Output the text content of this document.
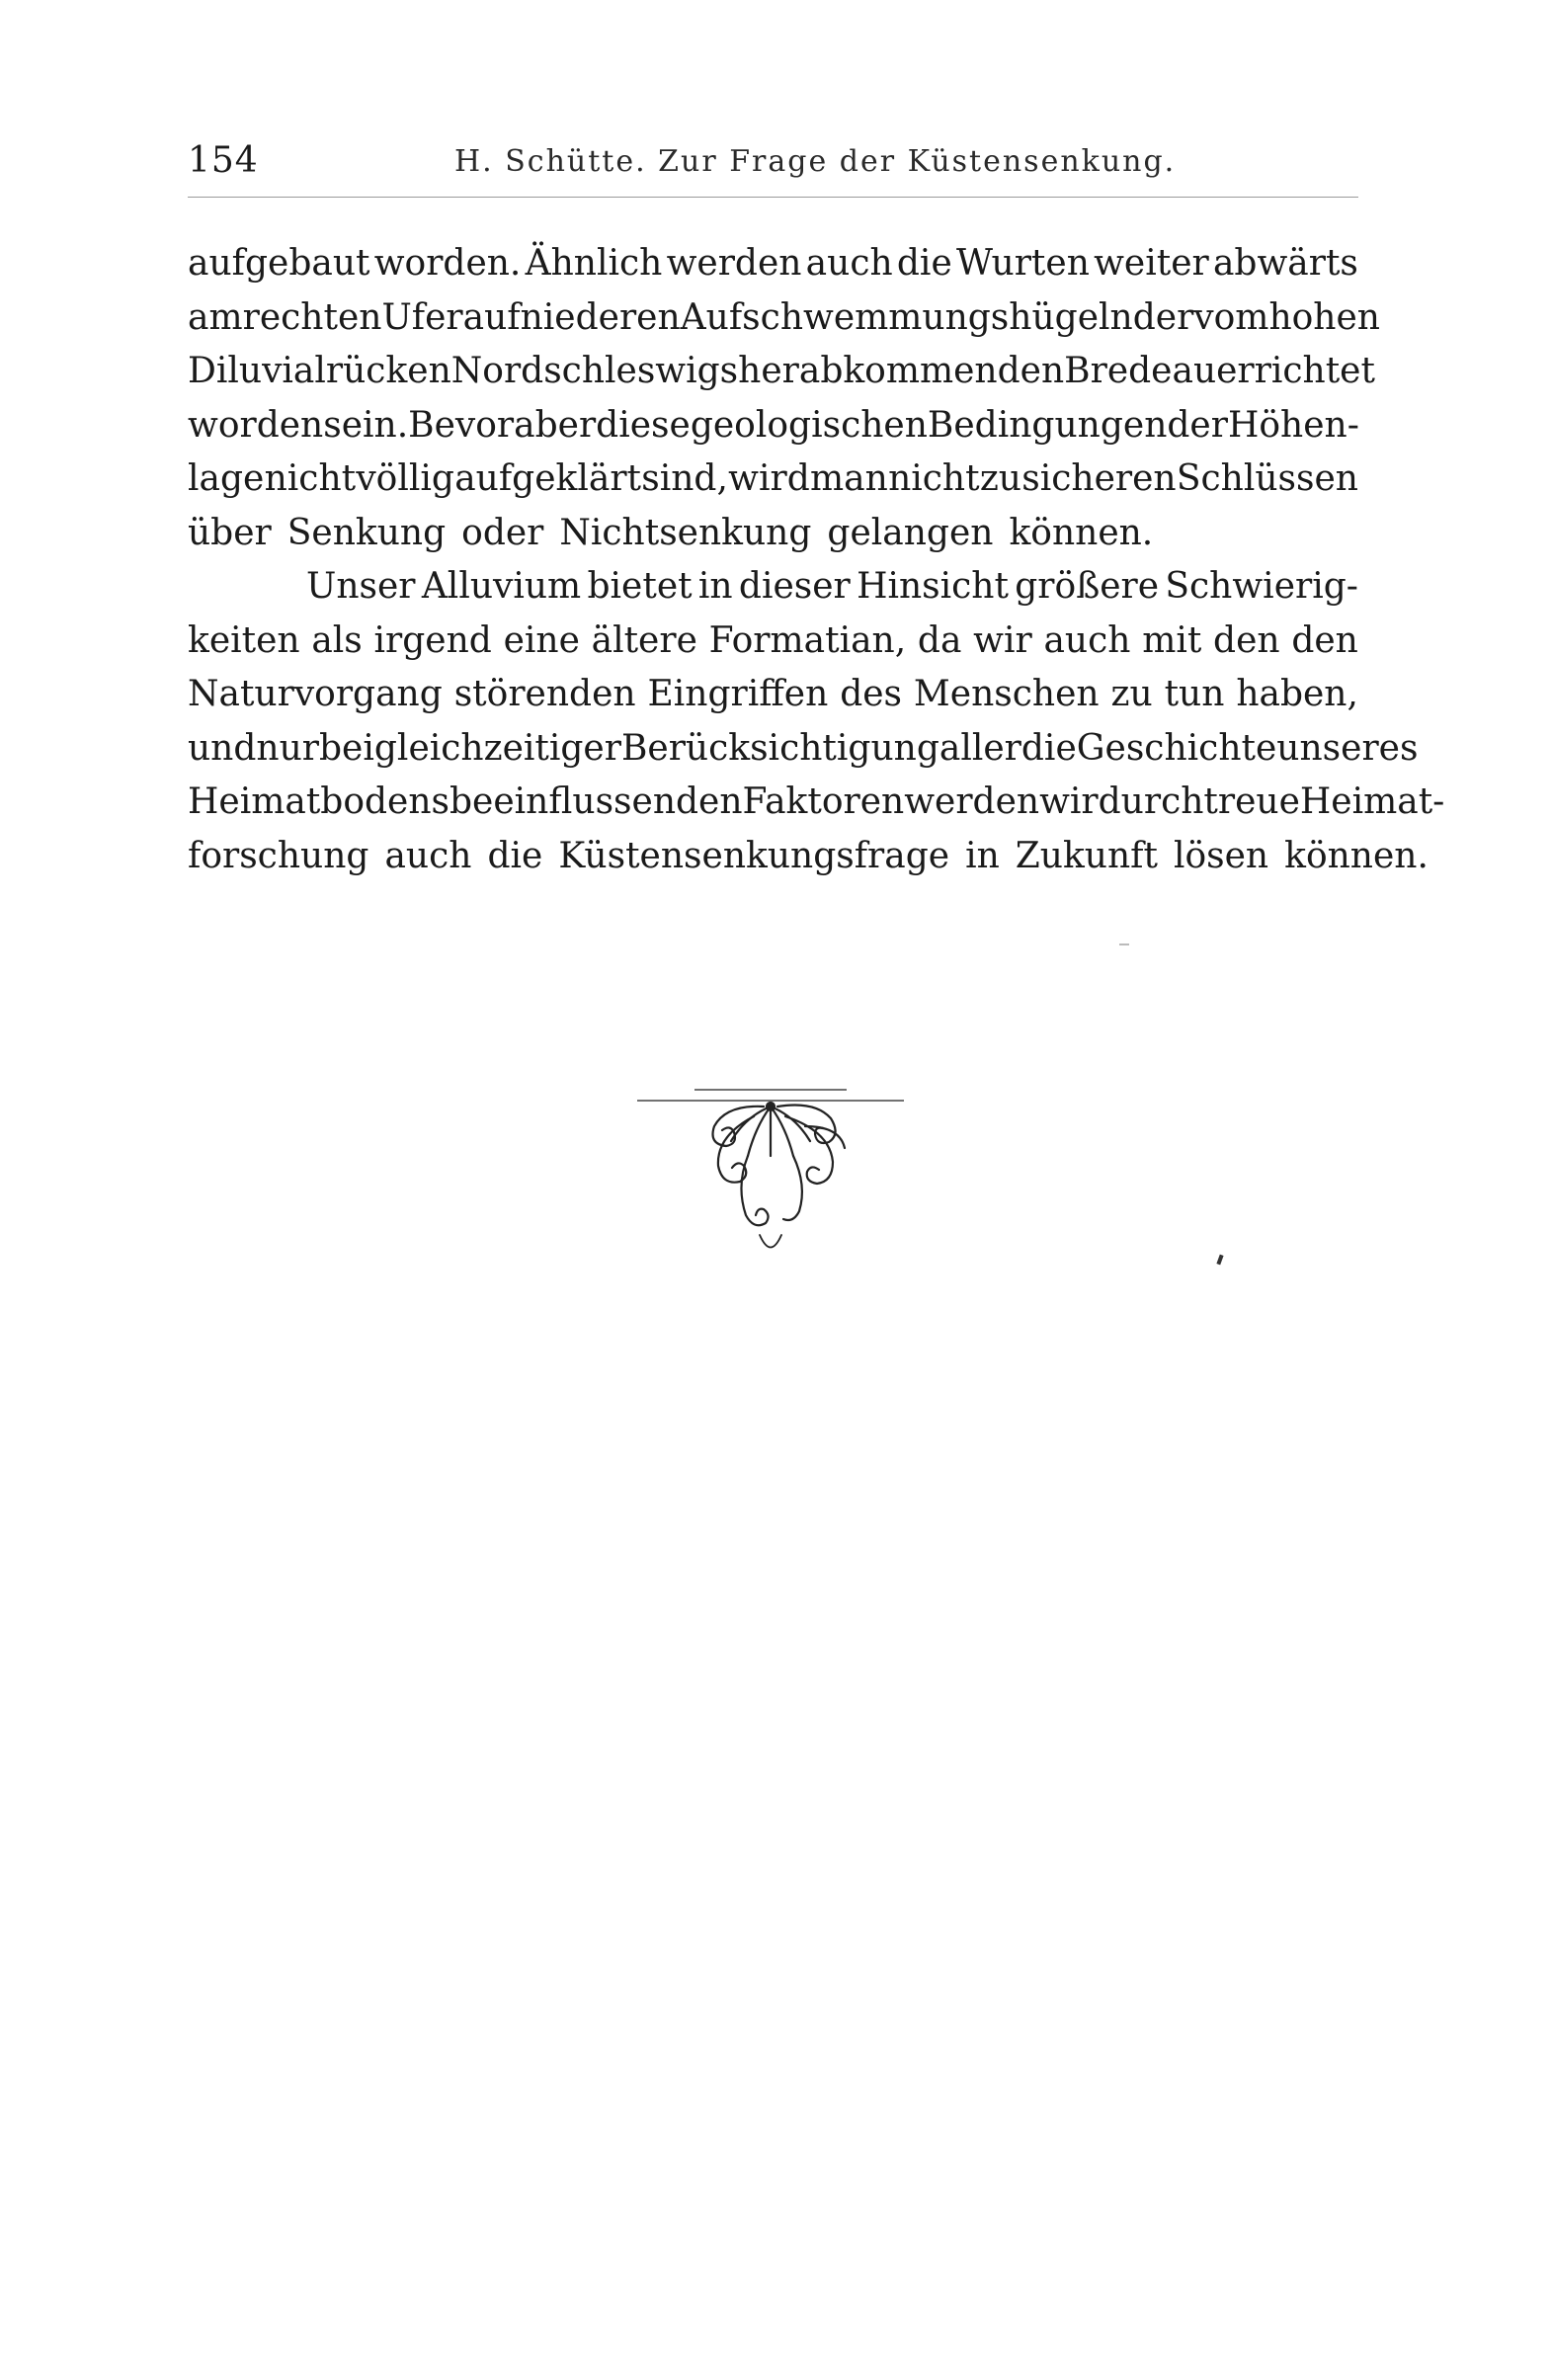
154	H. Schütte. Zur Frage der Küstensenkung.
aufgebaut worden. Ähnlich werden auch die Wurten weiter abwärts
am rechten Ufer auf niederen Aufschwemmungshügeln der vom hohen
Diluvialrücken Nordschleswigs herabkommenden Bredeau errichtet
worden sein. Bevor aber diese geologischen Bedingungen der Höhen-
lage nicht völlig aufgeklärt sind, wird man nicht zu sicheren Schlüssen
über Senkung oder Nichtsenkung gelangen können.
Unser Alluvium bietet in dieser Hinsicht größere Schwierig-
keiten als irgend eine ältere Formatian, da wir auch mit den den
Naturvorgang störenden Eingriffen des Menschen zu tun haben,
und nur bei gleichzeitiger Berücksichtigung aller die Geschichte unseres
Heimatbodens beeinflussenden Faktoren werden wir durch treue Heimat-
forschung auch die Küstensenkungsfrage in Zukunft lösen können.
